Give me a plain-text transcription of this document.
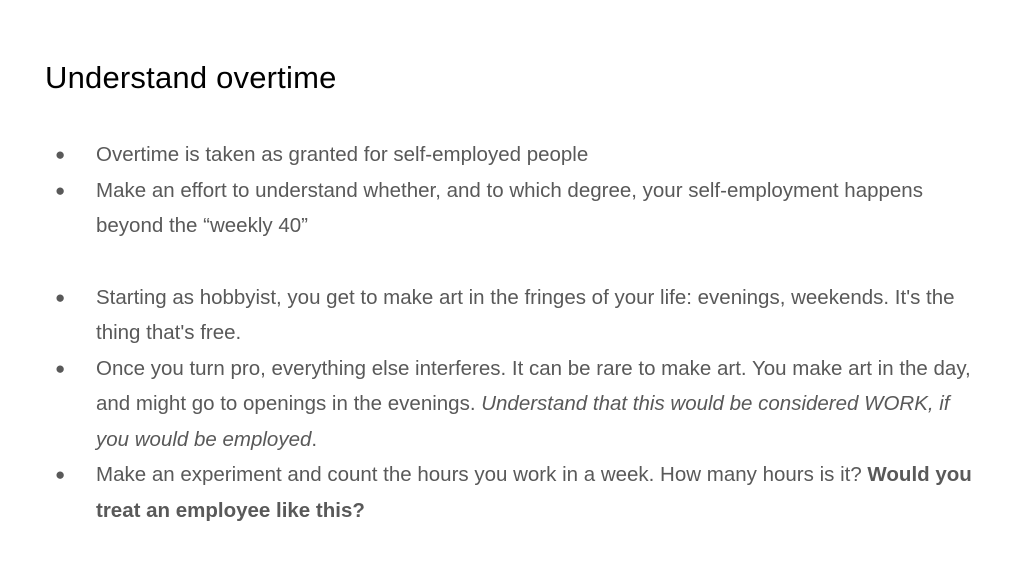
Understand overtime
● Overtime is taken as granted for self-employed people
● Make an effort to understand whether, and to which degree, your self-employment happens beyond the “weekly 40”
● Starting as hobbyist, you get to make art in the fringes of your life: evenings, weekends. It's the thing that's free.
● Once you turn pro, everything else interferes. It can be rare to make art. You make art in the day, and might go to openings in the evenings. Understand that this would be considered WORK, if you would be employed.
● Make an experiment and count the hours you work in a week. How many hours is it? Would you treat an employee like this?
